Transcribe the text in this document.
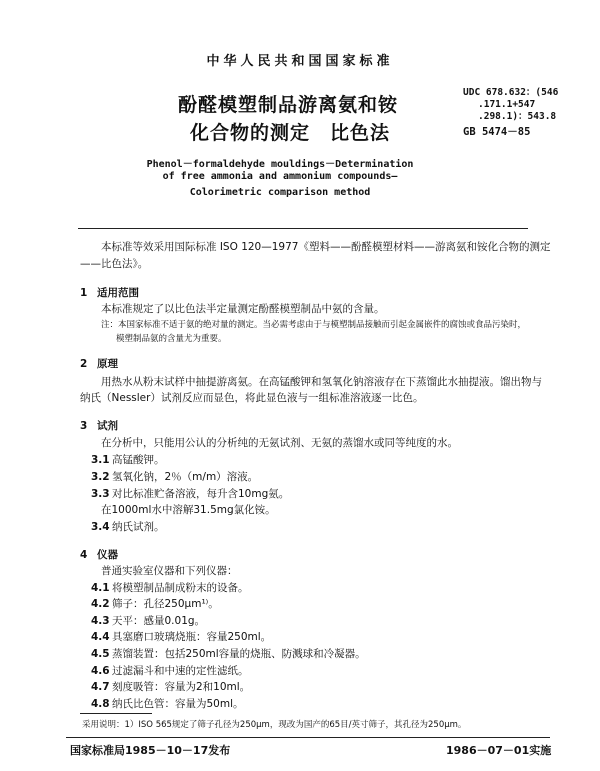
中华人民共和国国家标准
酚醛模塑制品游离氨和铵
化合物的测定　比色法
UDC 678.632：(546
.171.1+547
.298.1)：543.8
GB 5474－85
Phenol－formaldehyde mouldings－Determination
of free ammonia and ammonium compounds—
Colorimetric comparison method
本标准等效采用国际标准 ISO 120—1977《塑料——酚醛模塑材料——游离氨和铵化合物的测定
——比色法》。
1 适用范围
本标准规定了以比色法半定量测定酚醛模塑制品中氨的含量。
注：本国家标准不适于氨的绝对量的测定。当必需考虑由于与模塑制品接触而引起金属嵌件的腐蚀或食品污染时，
模塑制品氨的含量尤为重要。
2 原理
用热水从粉末试样中抽提游离氨。在高锰酸钾和氢氧化钠溶液存在下蒸馏此水抽提液。馏出物与
纳氏（Nessler）试剂反应而显色，将此显色液与一组标准溶液逐一比色。
3 试剂
在分析中，只能用公认的分析纯的无氨试剂、无氨的蒸馏水或同等纯度的水。
3.1 高锰酸钾。
3.2 氢氧化钠，2％（m/m）溶液。
3.3 对比标准贮备溶液，每升含10mg氨。
在1000ml水中溶解31.5mg氯化铵。
3.4 纳氏试剂。
4 仪器
普通实验室仪器和下列仪器：
4.1 将模塑制品制成粉末的设备。
4.2 筛子：孔径250μm¹⁾。
4.3 天平：感量0.01g。
4.4 具塞磨口玻璃烧瓶：容量250ml。
4.5 蒸馏装置：包括250ml容量的烧瓶、防溅球和冷凝器。
4.6 过滤漏斗和中速的定性滤纸。
4.7 刻度吸管：容量为2和10ml。
4.8 纳氏比色管：容量为50ml。
采用说明：1）ISO 565规定了筛子孔径为250μm，现改为国产的65目/英寸筛子，其孔径为250μm。
国家标准局1985－10－17发布	1986－07－01实施
